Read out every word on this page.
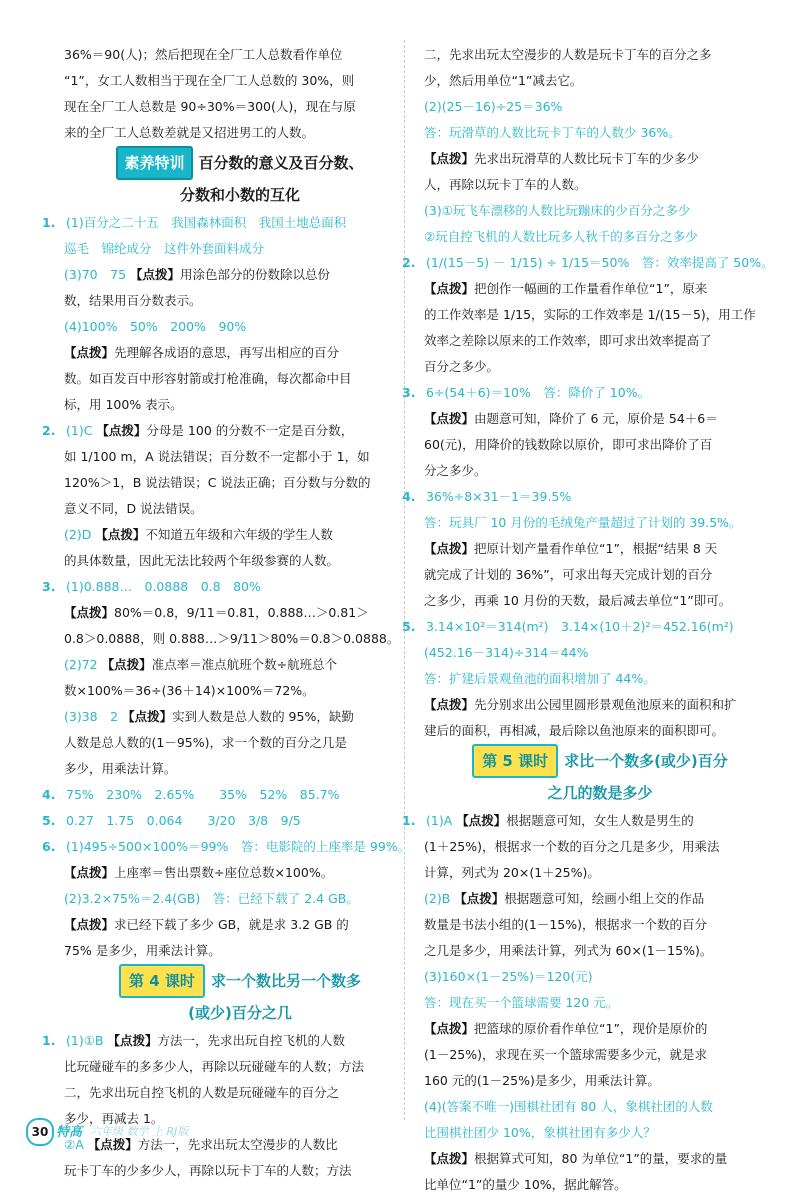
36%＝90(人)；然后把现在全厂工人总数看作单位
“1”，女工人数相当于现在全厂工人总数的 30%，则
现在全厂工人总数是 90÷30%＝300(人)，现在与原
来的全厂工人总数差就是又招进男工的人数。
素养特训 百分数的意义及百分数、
分数和小数的互化
1. (1)百分之二十五　我国森林面积　我国土地总面积
巡毛　锦纶成分　这件外套面料成分
(3)70　75 【点拨】用涂色部分的份数除以总份
数，结果用百分数表示。
(4)100%　50%　200%　90%
【点拨】先理解各成语的意思，再写出相应的百分
数。如百发百中形容射箭或打枪准确，每次都命中目
标，用 100% 表示。
2. (1)C 【点拨】分母是 100 的分数不一定是百分数，
如 1/100 m，A 说法错误；百分数不一定都小于 1，如
120%＞1，B 说法错误；C 说法正确；百分数与分数的
意义不同，D 说法错误。
(2)D 【点拨】不知道五年级和六年级的学生人数
的具体数量，因此无法比较两个年级参赛的人数。
3. (1)0.888…　0.0888　0.8　80%
【点拨】80%＝0.8，9/11＝0.81，0.888…＞0.81＞
0.8＞0.0888，则 0.888…＞9/11＞80%＝0.8＞0.0888。
(2)72 【点拨】准点率＝准点航班个数÷航班总个
数×100%＝36÷(36＋14)×100%＝72%。
(3)38　2 【点拨】实到人数是总人数的 95%，缺勤
人数是总人数的(1－95%)，求一个数的百分之几是
多少，用乘法计算。
4. 75%　230%　2.65%　　35%　52%　85.7%
5. 0.27　1.75　0.064　　3/20　3/8　9/5
6. (1)495÷500×100%＝99%　答：电影院的上座率是 99%。
【点拨】上座率＝售出票数÷座位总数×100%。
(2)3.2×75%＝2.4(GB)　答：已经下载了 2.4 GB。
【点拨】求已经下载了多少 GB，就是求 3.2 GB 的
75% 是多少，用乘法计算。
第 4 课时 求一个数比另一个数多
(或少)百分之几
1. (1)①B 【点拨】方法一，先求出玩自控飞机的人数
比玩碰碰车的多多少人，再除以玩碰碰车的人数；方法
二，先求出玩自控飞机的人数是玩碰碰车的百分之
多少，再减去 1。
②A 【点拨】方法一，先求出玩太空漫步的人数比
玩卡丁车的少多少人，再除以玩卡丁车的人数；方法
二，先求出玩太空漫步的人数是玩卡丁车的百分之多
少，然后用单位“1”减去它。
(2)(25－16)÷25＝36%
答：玩滑草的人数比玩卡丁车的人数少 36%。
【点拨】先求出玩滑草的人数比玩卡丁车的少多少
人，再除以玩卡丁车的人数。
(3)①玩飞车漂移的人数比玩蹦床的少百分之多少
②玩自控飞机的人数比玩多人秋千的多百分之多少
2. (1/(15－5) － 1/15) ÷ 1/15＝50%　答：效率提高了 50%。
【点拨】把创作一幅画的工作量看作单位“1”，原来
的工作效率是 1/15，实际的工作效率是 1/(15－5)，用工作
效率之差除以原来的工作效率，即可求出效率提高了
百分之多少。
3. 6÷(54＋6)＝10%　答：降价了 10%。
【点拨】由题意可知，降价了 6 元，原价是 54＋6＝
60(元)，用降价的钱数除以原价，即可求出降价了百
分之多少。
4. 36%÷8×31－1＝39.5%
答：玩具厂 10 月份的毛绒兔产量超过了计划的 39.5%。
【点拨】把原计划产量看作单位“1”，根据“结果 8 天
就完成了计划的 36%”，可求出每天完成计划的百分
之多少，再乘 10 月份的天数，最后减去单位“1”即可。
5. 3.14×10²＝314(m²)　3.14×(10＋2)²＝452.16(m²)
(452.16－314)÷314＝44%
答：扩建后景观鱼池的面积增加了 44%。
【点拨】先分别求出公园里圆形景观鱼池原来的面积和扩
建后的面积，再相减，最后除以鱼池原来的面积即可。
第 5 课时 求比一个数多(或少)百分
之几的数是多少
1. (1)A 【点拨】根据题意可知，女生人数是男生的
(1＋25%)，根据求一个数的百分之几是多少，用乘法
计算，列式为 20×(1＋25%)。
(2)B 【点拨】根据题意可知，绘画小组上交的作品
数量是书法小组的(1－15%)，根据求一个数的百分
之几是多少，用乘法计算，列式为 60×(1－15%)。
(3)160×(1－25%)＝120(元)
答：现在买一个篮球需要 120 元。
【点拨】把篮球的原价看作单位“1”，现价是原价的
(1－25%)，求现在买一个篮球需要多少元，就是求
160 元的(1－25%)是多少，用乘法计算。
(4)(答案不唯一)围棋社团有 80 人，象棋社团的人数
比围棋社团少 10%，象棋社团有多少人？
【点拨】根据算式可知，80 为单位“1”的量，要求的量
比单位“1”的量少 10%，据此解答。
30 特高 六年级 数学 上 RJ版
